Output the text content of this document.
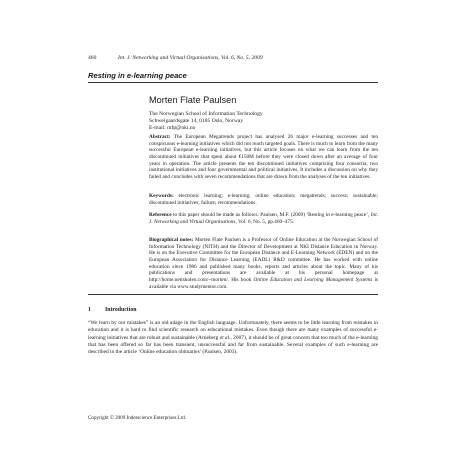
460	Int. J. Networking and Virtual Organisations, Vol. 6, No. 5, 2009
Resting in e-learning peace
Morten Flate Paulsen
The Norwegian School of Information Technology
Schweigaardsgate 14, 0185 Oslo, Norway
E-mail: mfp@nki.no
Abstract: The European Megatrends project has analysed 26 major e-learning successes and ten conspicuous e-learning initiatives which did not reach targeted goals. There is much to learn from the many successful European e-learning initiatives, but this article focuses on what we can learn from the ten discontinued initiatives that spent about €150M before they were closed down after an average of four years in operation. The article presents the ten discontinued initiatives comprising four consortia, two institutional initiatives and four governmental and political initiatives. It includes a discussion on why they failed and concludes with seven recommendations that are drawn from the analyses of the ten initiatives.
Keywords: electronic learning; e-learning; online education; megatrends; success; sustainable; discontinued initiatives; failure; recommendations.
Reference to this paper should be made as follows: Paulsen, M.F. (2009) ‘Resting in e-learning peace’, Int. J. Networking and Virtual Organisations, Vol. 6, No. 5, pp.460–475.
Biographical notes: Morten Flate Paulsen is a Professor of Online Education at the Norwegian School of Information Technology (NITH) and the Director of Development at NKI Distance Education in Norway. He is on the Executive Committee for the European Distance and E-Learning Network (EDEN) and on the European Association for Distance Learning (EADL) R&D committee. He has worked with online education since 1986 and published many books, reports and articles about the topic. Many of his publications and presentations are available at his personal homepage at http://home.nettskolen.com/~morten/. His book Online Education and Learning Management Systems is available via www.studymentor.com.
1 Introduction
“We learn by our mistakes” is an old adage in the English language. Unfortunately, there seems to be little learning from mistakes in education and it is hard to find scientific research on educational mistakes. Even though there are many examples of successful e-learning initiatives that are robust and sustainable (Arneberg et al., 2007), it should be of great concern that too much of the e-learning that has been offered so far has been transient, unsuccessful and far from sustainable. Several examples of such e-learning are described in the article ‘Online education obituaries’ (Paulsen, 2003).
Copyright © 2009 Inderscience Enterprises Ltd.
